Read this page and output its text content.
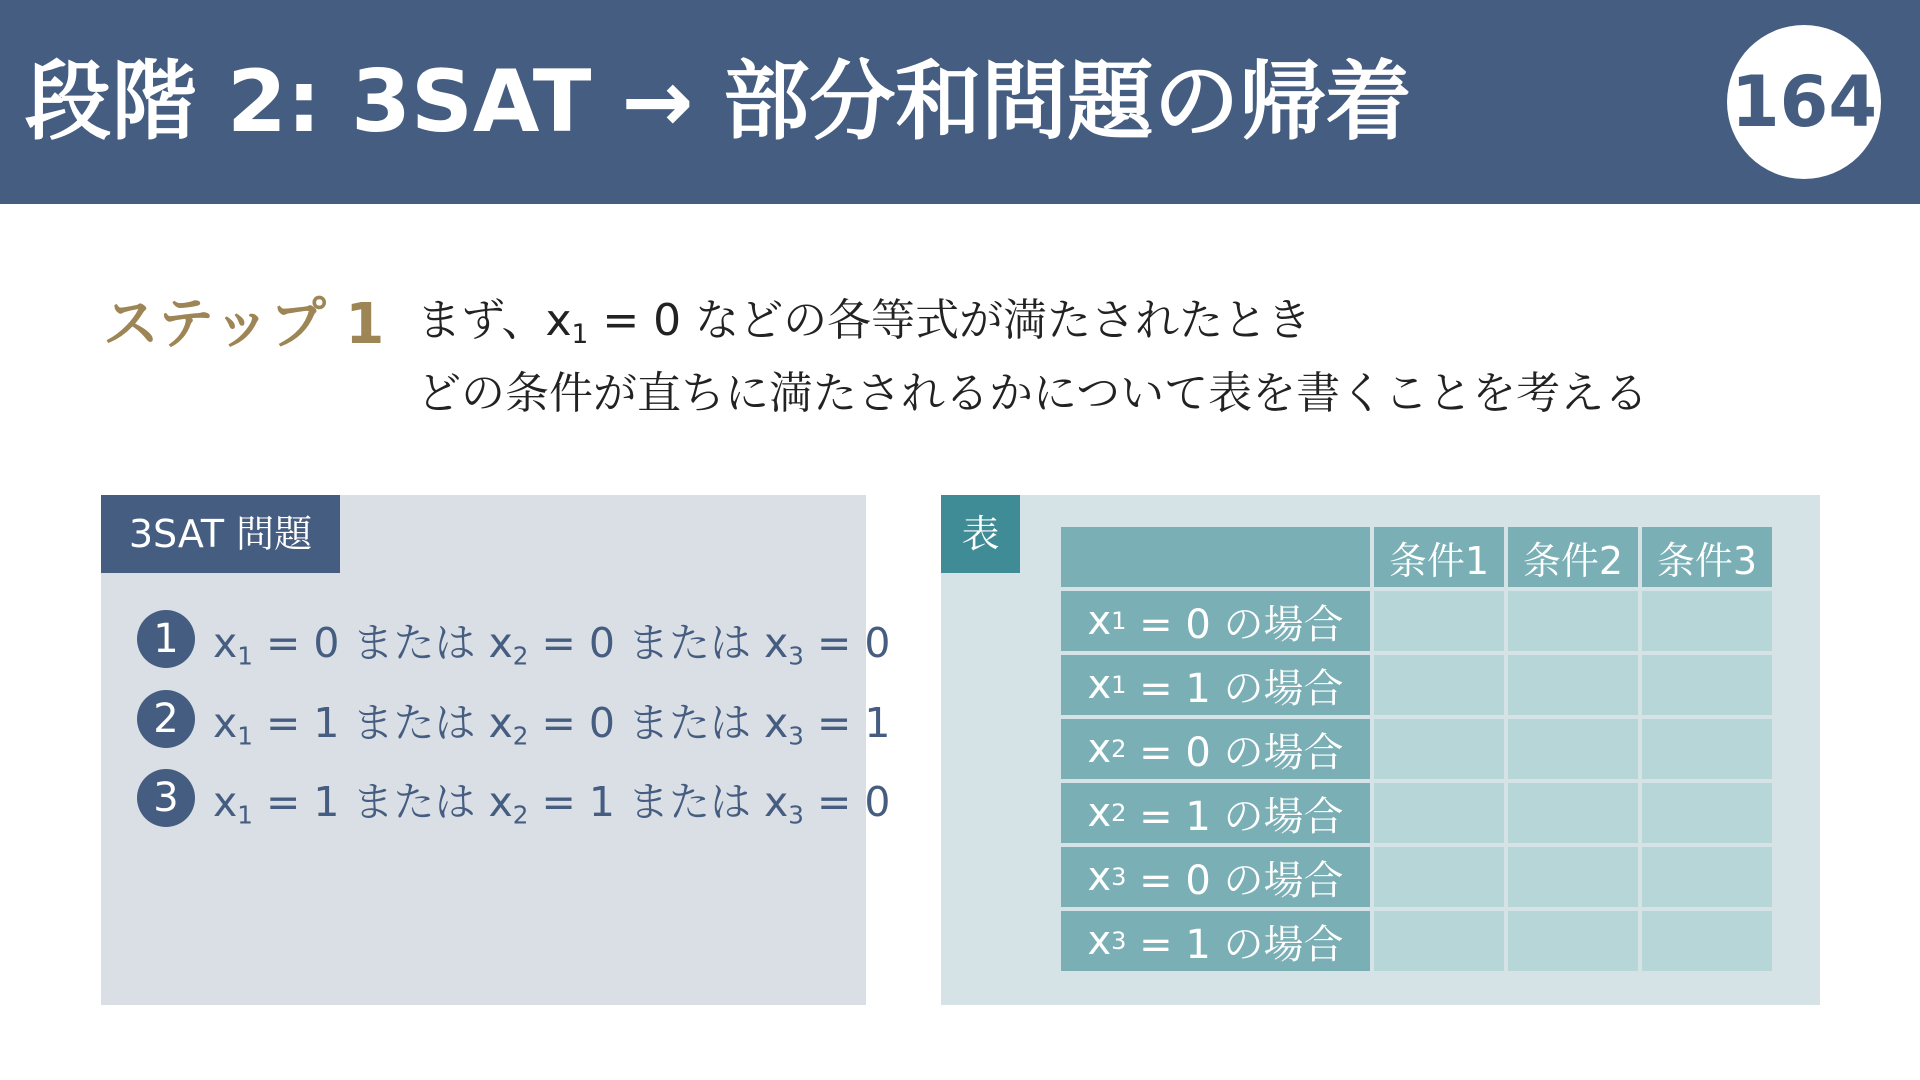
段階 2: 3SAT → 部分和問題の帰着	164
ステップ 1 まず、$x_1 = 0$ などの各等式が満たされたとき
どの条件が直ちに満たされるかについて表を書くことを考える
3SAT 問題
1 $x_1 = 0$ または $x_2 = 0$ または $x_3 = 0$
2 $x_1 = 1$ または $x_2 = 0$ または $x_3 = 1$
3 $x_1 = 1$ または $x_2 = 1$ または $x_3 = 0$
表
条件1 条件2 条件3
x 1 = 0 の場合
x 1 = 1 の場合
x 2 = 0 の場合
x 2 = 1 の場合
x 3 = 0 の場合
x 3 = 1 の場合
